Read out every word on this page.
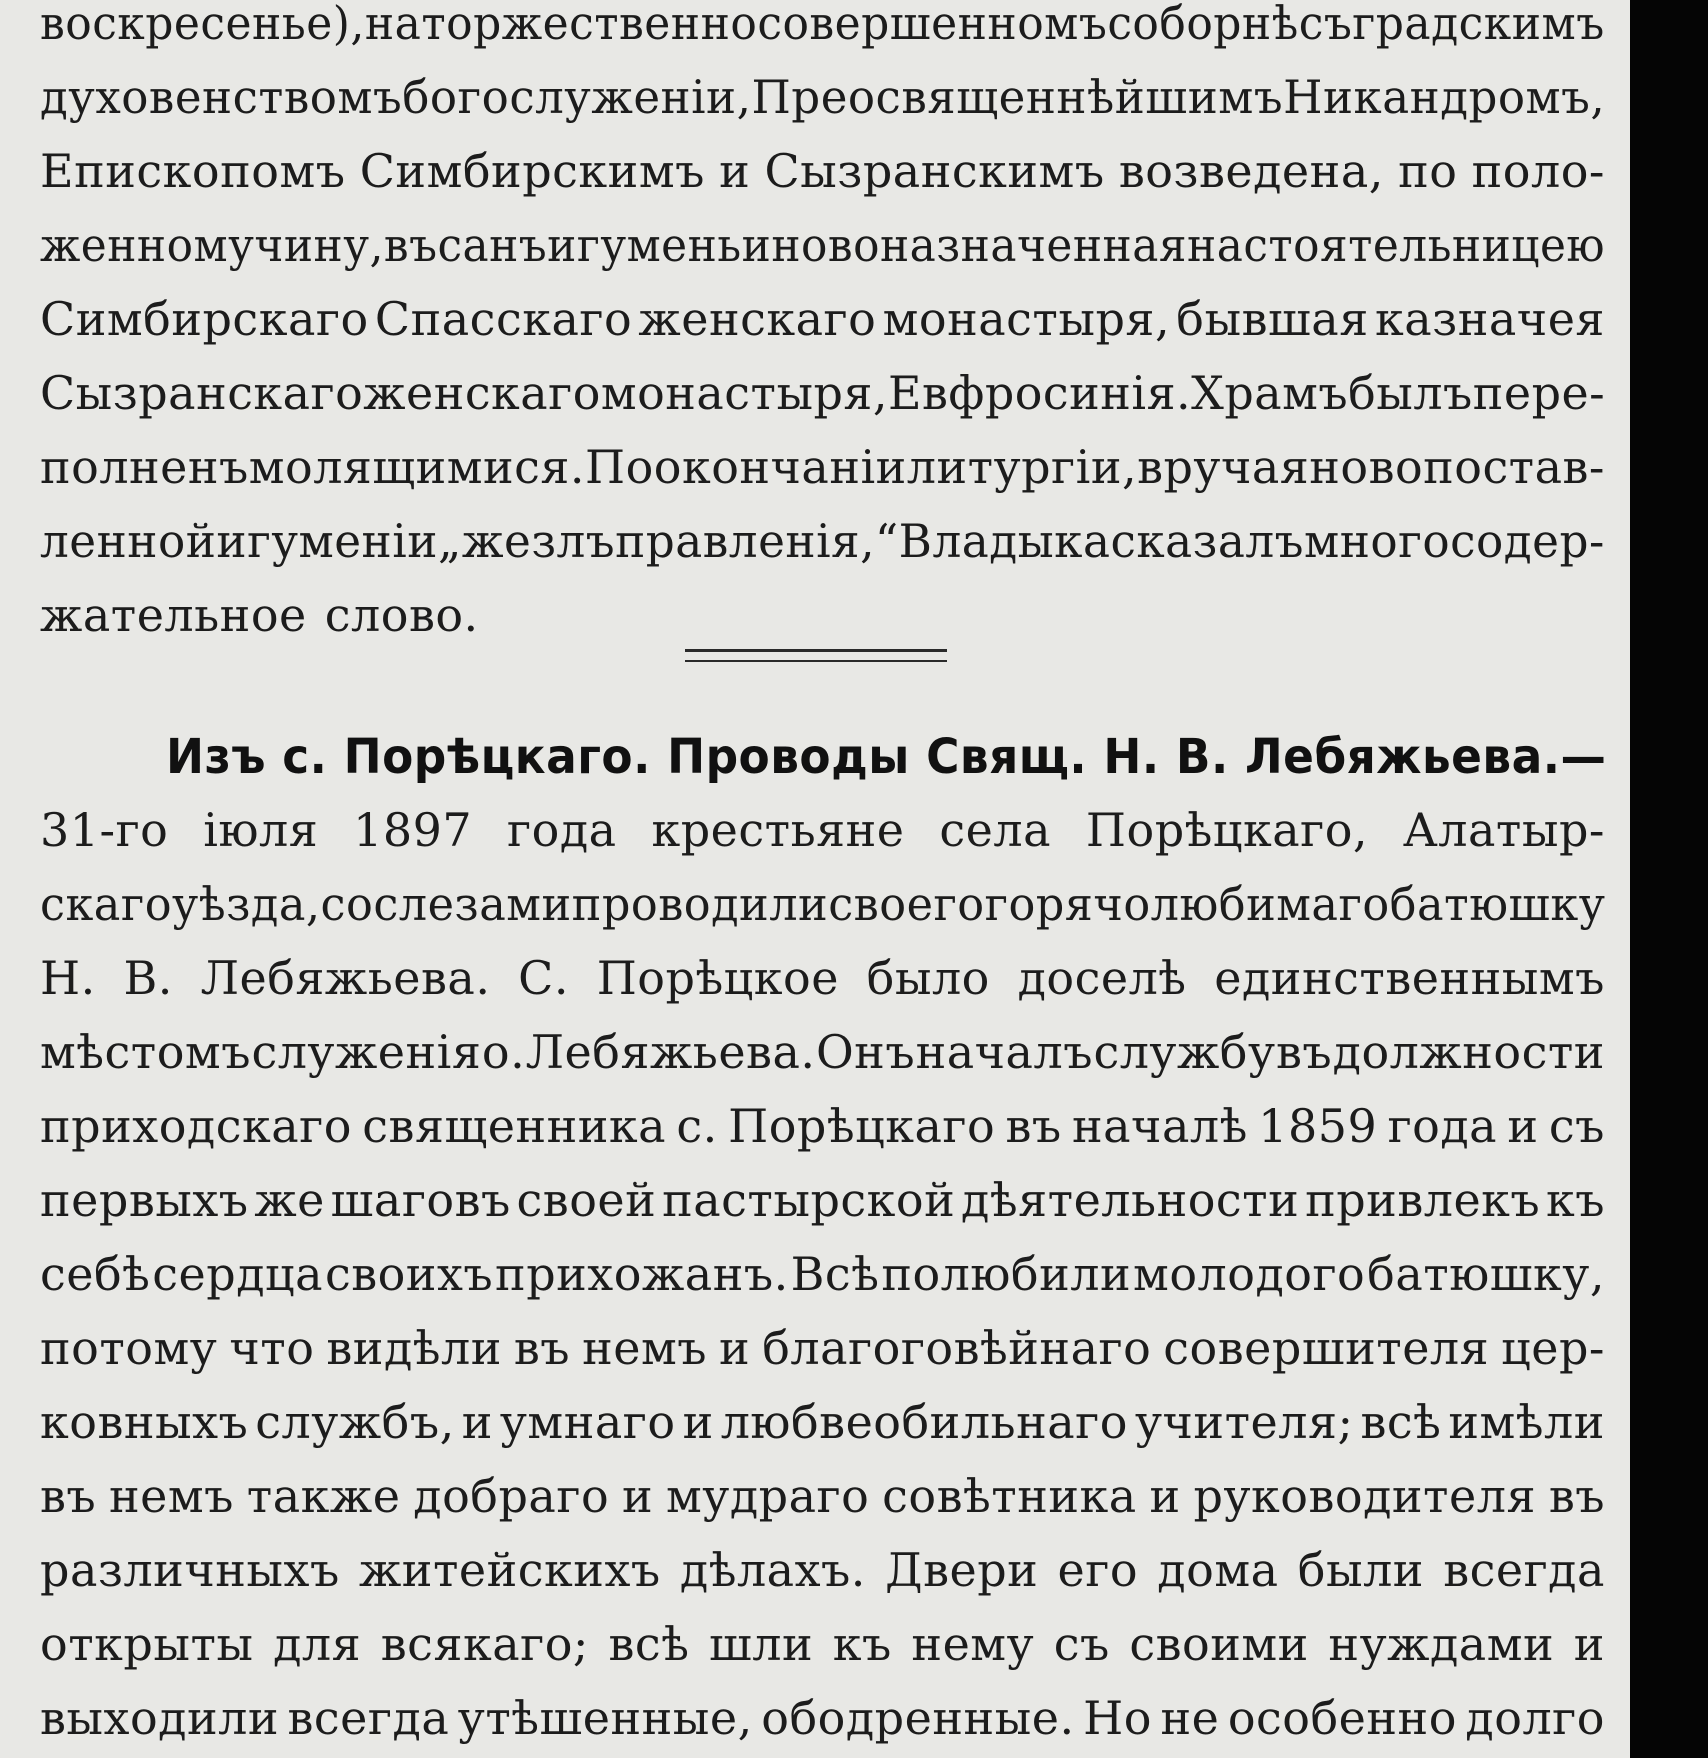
воскресенье), на торжественно совершенномъ соборнѣ съ градскимъ
духовенствомъ богослуженіи, Преосвященнѣйшимъ Никандромъ,
Епископомъ Симбирскимъ и Сызранскимъ возведена, по поло-
женному чину, въ санъ игуменьи новоназначенная настоятельницею
Симбирскаго Спасскаго женскаго монастыря, бывшая казначея
Сызранскаго женскаго монастыря, Евфросинія. Храмъ былъ пере-
полненъ молящимися. По окончаніи литургіи, вручая новопостав-
ленной игуменіи „жезлъ правленія,“ Владыка сказалъ многосодер-
жательное слово.
Изъ с. Порѣцкаго. Проводы Свящ. Н. В. Лебяжьева.—
31-го іюля 1897 года крестьяне села Порѣцкаго, Алатыр-
скаго уѣзда, со слезами проводили своего горячолюбимаго батюшку
Н. В. Лебяжьева. С. Порѣцкое было доселѣ единственнымъ
мѣстомъ служенія о. Лебяжьева. Онъ началъ службу въ должности
приходскаго священника с. Порѣцкаго въ началѣ 1859 года и съ
первыхъ же шаговъ своей пастырской дѣятельности привлекъ къ
себѣ сердца своихъ прихожанъ. Всѣ полюбили молодого батюшку,
потому что видѣли въ немъ и благоговѣйнаго совершителя цер-
ковныхъ службъ, и умнаго и любвеобильнаго учителя; всѣ имѣли
въ немъ также добраго и мудраго совѣтника и руководителя въ
различныхъ житейскихъ дѣлахъ. Двери его дома были всегда
открыты для всякаго; всѣ шли къ нему съ своими нуждами и
выходили всегда утѣшенные, ободренные. Но не особенно долго
